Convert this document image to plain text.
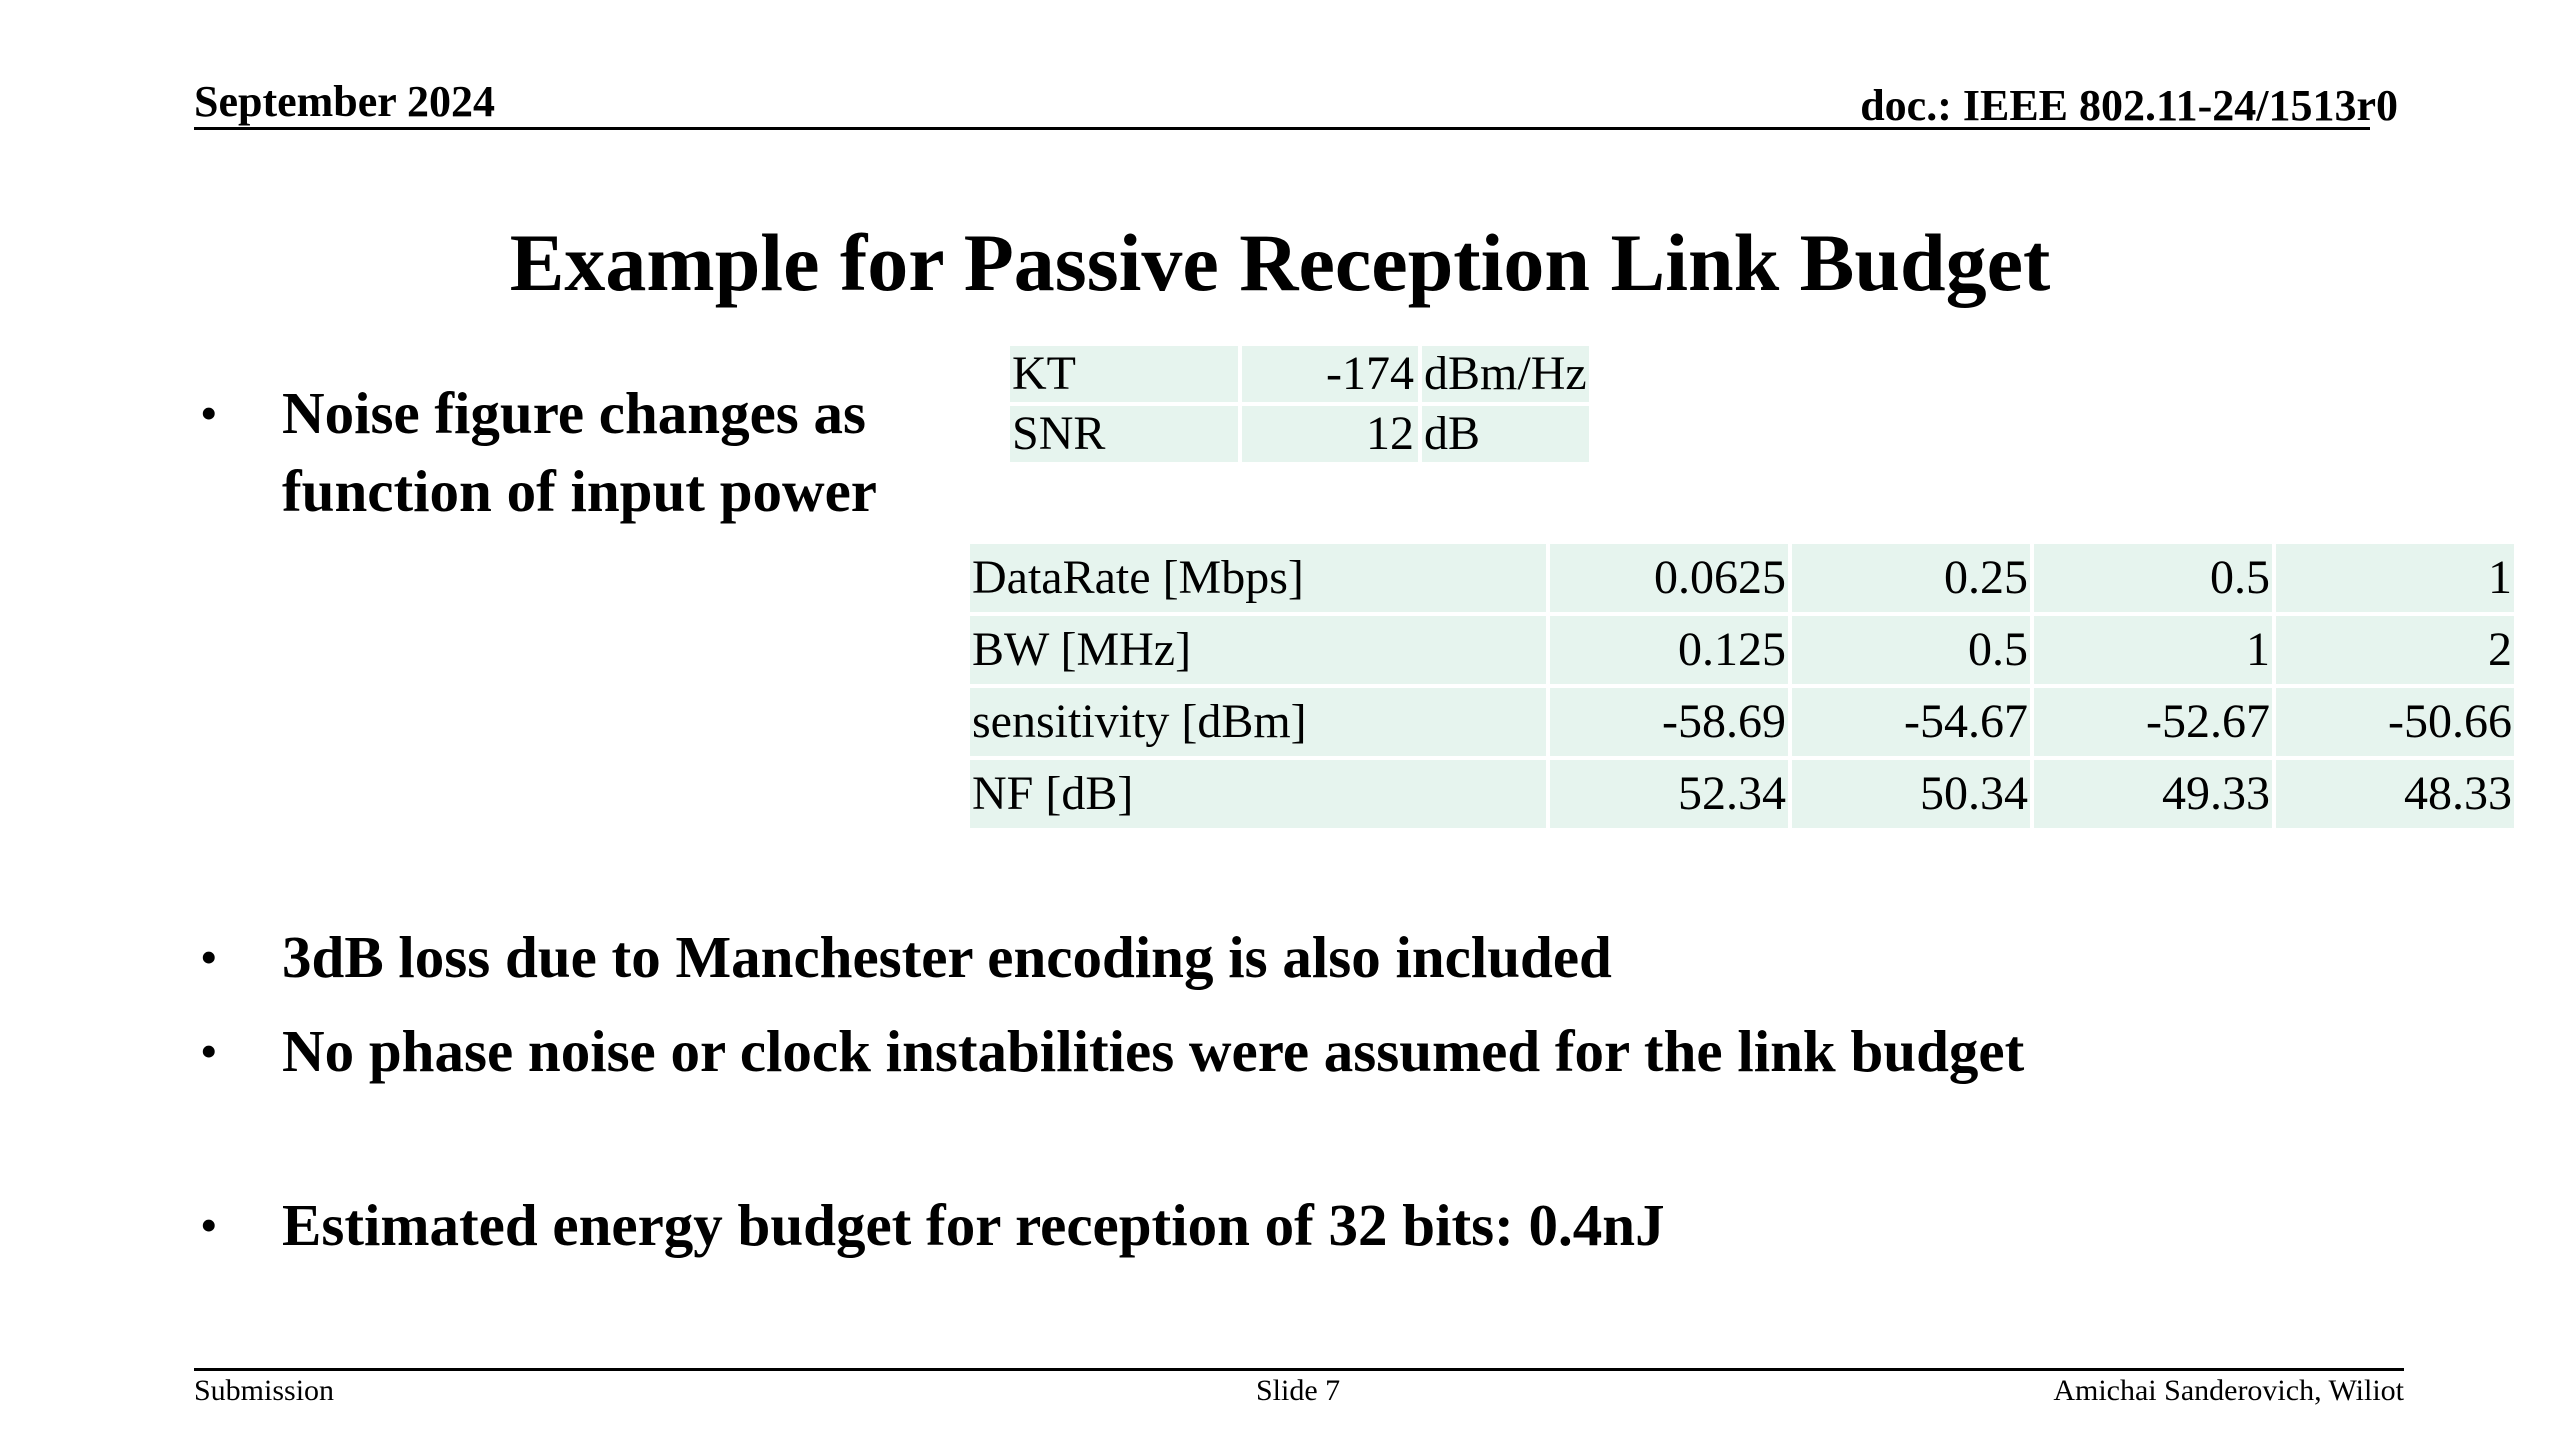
September 2024	doc.: IEEE 802.11-24/1513r0
Example for Passive Reception Link Budget
• Noise figure changes as function of input power
• 3dB loss due to Manchester encoding is also included
• No phase noise or clock instabilities were assumed for the link budget
• Estimated energy budget for reception of 32 bits: 0.4nJ
KT	-174	dBm/Hz
SNR	12	dB
DataRate [Mbps]	0.0625	0.25	0.5	1
BW [MHz]	0.125	0.5	1	2
sensitivity [dBm]	-58.69	-54.67	-52.67	-50.66
NF [dB]	52.34	50.34	49.33	48.33
Submission	Slide 7	Amichai Sanderovich, Wiliot
